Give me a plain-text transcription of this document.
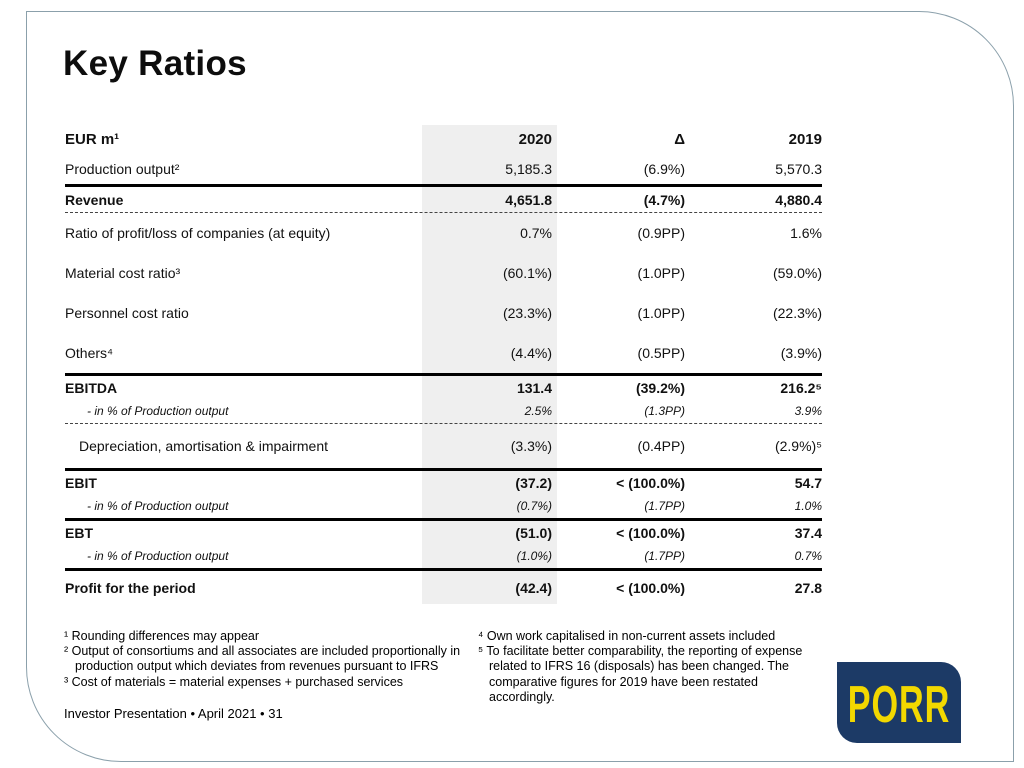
Key Ratios
EUR m¹	2020	Δ	2019
Production output²	5,185.3	(6.9%)	5,570.3
Revenue	4,651.8	(4.7%)	4,880.4
Ratio of profit/loss of companies (at equity)	0.7%	(0.9PP)	1.6%
Material cost ratio³	(60.1%)	(1.0PP)	(59.0%)
Personnel cost ratio	(23.3%)	(1.0PP)	(22.3%)
Others⁴	(4.4%)	(0.5PP)	(3.9%)
EBITDA	131.4	(39.2%)	216.2⁵
- in % of Production output	2.5%	(1.3PP)	3.9%
Depreciation, amortisation & impairment	(3.3%)	(0.4PP)	(2.9%)⁵
EBIT	(37.2)	< (100.0%)	54.7
- in % of Production output	(0.7%)	(1.7PP)	1.0%
EBT	(51.0)	< (100.0%)	37.4
- in % of Production output	(1.0%)	(1.7PP)	0.7%
Profit for the period	(42.4)	< (100.0%)	27.8
¹ Rounding differences may appear
² Output of consortiums and all associates are included proportionally in production output which deviates from revenues pursuant to IFRS
³ Cost of materials = material expenses + purchased services
⁴ Own work capitalised in non-current assets included
⁵ To facilitate better comparability, the reporting of expense related to IFRS 16 (disposals) has been changed. The comparative figures for 2019 have been restated accordingly.
Investor Presentation • April 2021 • 31	PORR
